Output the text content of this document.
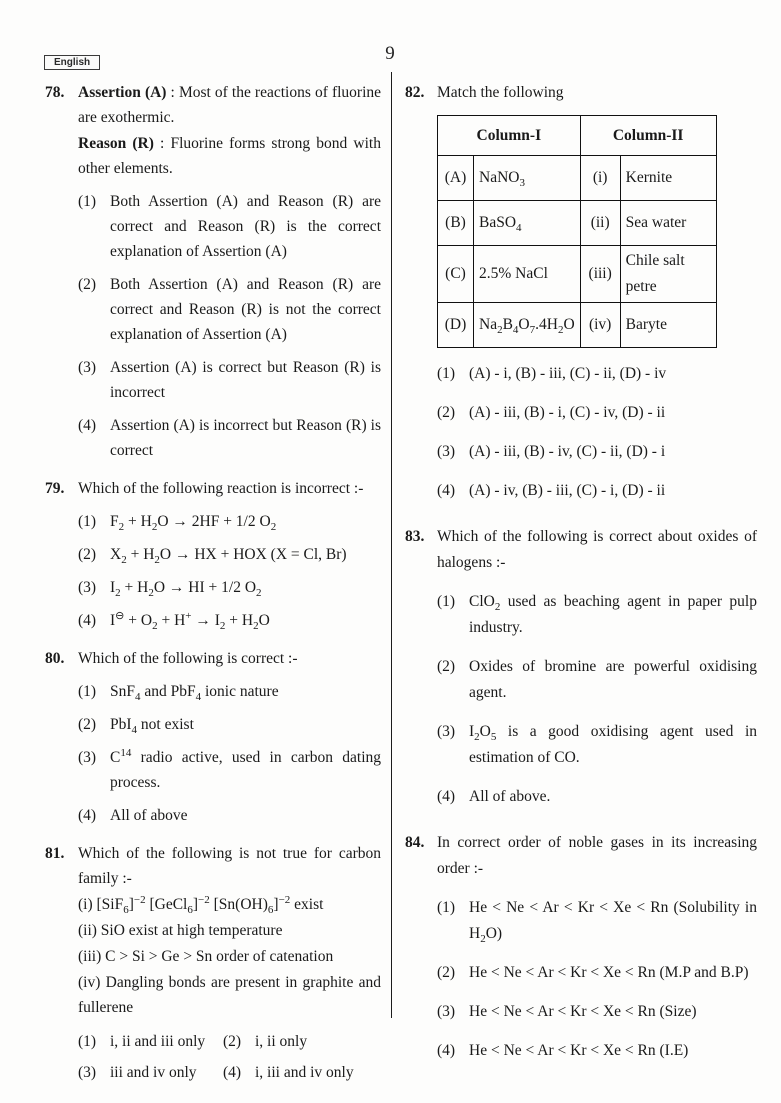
English	9
78. Assertion (A) : Most of the reactions of fluorine are exothermic.
Reason (R) : Fluorine forms strong bond with other elements.
(1) Both Assertion (A) and Reason (R) are correct and Reason (R) is the correct explanation of Assertion (A)
(2) Both Assertion (A) and Reason (R) are correct and Reason (R) is not the correct explanation of Assertion (A)
(3) Assertion (A) is correct but Reason (R) is incorrect
(4) Assertion (A) is incorrect but Reason (R) is correct
79. Which of the following reaction is incorrect :-
(1) $F_2 + H_2O \to 2HF + 1/2$ $O_2$
(2) $X_2 + H_2O$ → HX + HOX (X = Cl, Br)
(3) $I_2 + H_2O$ → HI + 1/2 $O_2$
(4) $I^⊖ + O_2 + H^+ \to I_2 + H_2O$
80. Which of the following is correct :-
(1) SnF$_4$ and PbF$_4$ ionic nature
(2) PbI$_4$ not exist
(3) $C^{14}$ radio active, used in carbon dating process.
(4) All of above
81. Which of the following is not true for carbon family :-
(i) $[SiF_6]^{-2}$ [GeCl$_6$]$^{-2}$ $[Sn(OH)_6]^{-2}$ exist
(ii) SiO exist at high temperature
(iii) C > Si > Ge > Sn order of catenation
(iv) Dangling bonds are present in graphite and fullerene
(1) i, ii and iii only	(2) i, ii only
(3) iii and iv only	(4) i, iii and iv only
82. Match the following
Column-I		Column-II	
(A)	NaNO$_3$	(i)	Kernite
(B)	BaSO$_4$	(ii)	Sea water
(C)	2.5% NaCl	(iii)	Chile salt petre
(D)	$Na_2B_4O_7.4H_2O$	(iv)	Baryte
(1) (A) - i, (B) - iii, (C) - ii, (D) - iv
(2) (A) - iii, (B) - i, (C) - iv, (D) - ii
(3) (A) - iii, (B) - iv, (C) - ii, (D) - i
(4) (A) - iv, (B) - iii, (C) - i, (D) - ii
83. Which of the following is correct about oxides of halogens :-
(1) ClO$_2$ used as beaching agent in paper pulp industry.
(2) Oxides of bromine are powerful oxidising agent.
(3) $I_2O_5$ is a good oxidising agent used in estimation of CO.
(4) All of above.
84. In correct order of noble gases in its increasing order :-
(1) He < Ne < Ar < Kr < Xe < Rn (Solubility in $H_2O$)
(2) He < Ne < Ar < Kr < Xe < Rn (M.P and B.P)
(3) He < Ne < Ar < Kr < Xe < Rn (Size)
(4) He < Ne < Ar < Kr < Xe < Rn (I.E)
